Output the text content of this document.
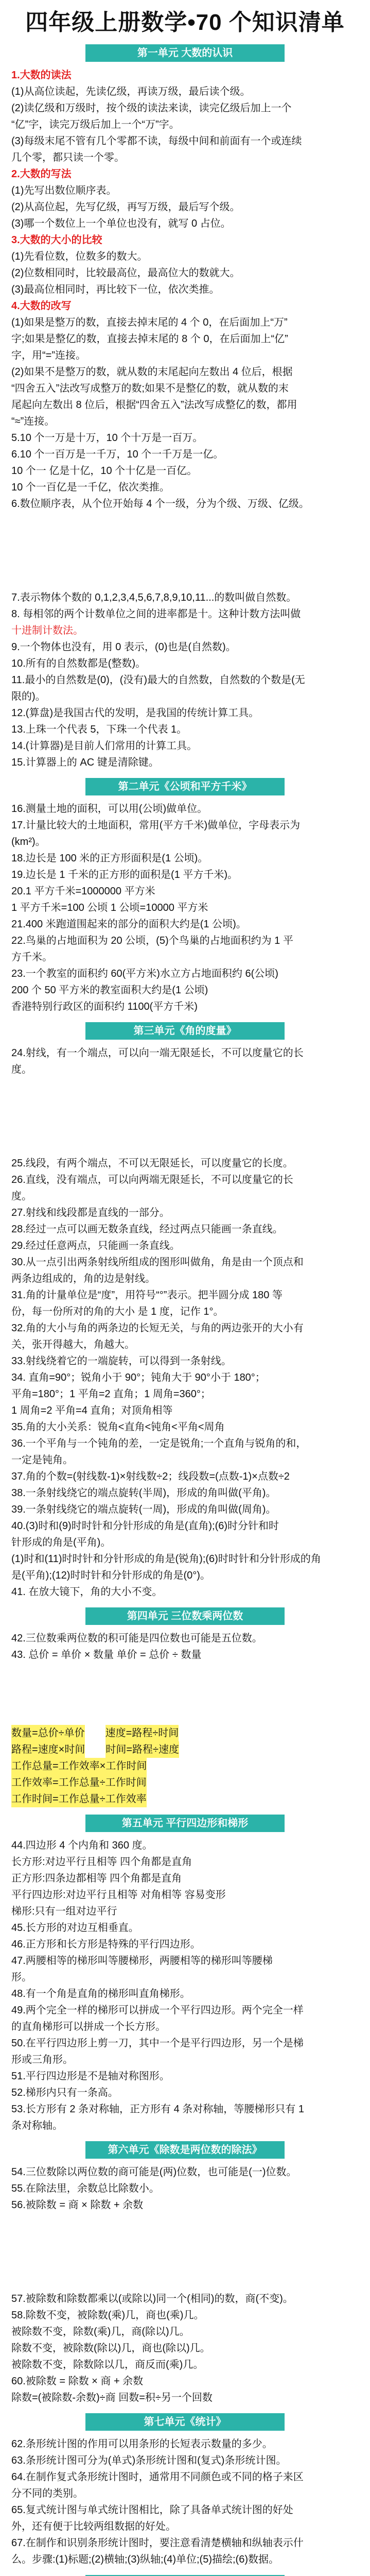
四年级上册数学•70 个知识清单
第一单元 大数的认识

1.大数的读法

(1)从高位读起，先读亿级，再读万级，最后读个级。

(2)读亿级和万级时，按个级的读法来读，读完亿级后加上一个

“亿”字，读完万级后加上一个“万”字。

(3)每级末尾不管有几个零都不读，每级中间和前面有一个或连续

几个零，都只读一个零。

2.大数的写法

(1)先写出数位顺序表。

(2)从高位起，先写亿级，再写万级，最后写个级。

(3)哪一个数位上一个单位也没有，就写 0 占位。

3.大数的大小的比较

(1)先看位数，位数多的数大。

(2)位数相同时，比较最高位，最高位大的数就大。

(3)最高位相同时，再比较下一位，依次类推。

4.大数的改写

(1)如果是整万的数，直接去掉末尾的 4 个 0，在后面加上“万”

字;如果是整亿的数，直接去掉末尾的 8 个 0，在后面加上“亿”

字，用“=”连接。

(2)如果不是整万的数，就从数的末尾起向左数出 4 位后，根据

“四舍五入”法改写成整万的数;如果不是整亿的数，就从数的末

尾起向左数出 8 位后，根据“四舍五入”法改写成整亿的数，都用

“≈”连接。

5.10 个一万是十万，10 个十万是一百万。

6.10 个一百万是一千万，10 个一千万是一亿。

10 个一 亿是十亿，10 个十亿是一百亿。

10 个一百亿是一千亿，依次类推。

6.数位顺序表，从个位开始每 4 个一级，分为个级、万级、亿级。

7.表示物体个数的 0,1,2,3,4,5,6,7,8,9,10,11...的数叫做自然数。

8. 每相邻的两个计数单位之间的进率都是十。这种计数方法叫做

十进制计数法。

9.一个物体也没有，用 0 表示，(0)也是(自然数)。

10.所有的自然数都是(整数)。

11.最小的自然数是(0)，(没有)最大的自然数，自然数的个数是(无

限的)。

12.(算盘)是我国古代的发明，是我国的传统计算工具。

13.上珠一个代表 5，下珠一个代表 1。

14.(计算器)是目前人们常用的计算工具。

15.计算器上的 AC 键是清除键。

第二单元《公顷和平方千米》

16.测量土地的面积，可以用(公顷)做单位。

17.计量比较大的土地面积，常用(平方千米)做单位，字母表示为

(km²)。

18.边长是 100 米的正方形面积是(1 公顷)。

19.边长是 1 千米的正方形的面积是(1 平方千米)。

20.1 平方千米=1000000 平方米

1 平方千米=100 公顷 1 公顷=10000 平方米

21.400 米跑道围起来的部分的面积大约是(1 公顷)。

22.鸟巢的占地面积为 20 公顷，(5)个鸟巢的占地面积约为 1 平

方千米。

23.一个教室的面积约 60(平方米)水立方占地面积约 6(公顷)

200 个 50 平方米的教室面积大约是(1 公顷)

香港特别行政区的面积约 1100(平方千米)

第三单元《角的度量》

24.射线，有一个端点，可以向一端无限延长，不可以度量它的长

度。

25.线段，有两个端点，不可以无限延长，可以度量它的长度。

26.直线，没有端点，可以向两端无限延长，不可以度量它的长

度。

27.射线和线段都是直线的一部分。

28.经过一点可以画无数条直线，经过两点只能画一条直线。

29.经过任意两点，只能画一条直线。

30.从一点引出两条射线所组成的图形叫做角，角是由一个顶点和

两条边组成的，角的边是射线。

31.角的计量单位是“度”，用符号“°”表示。把半圆分成 180 等

份，每一份所对的角的大小 是 1 度，记作 1°。

32.角的大小与角的两条边的长短无关，与角的两边张开的大小有

关，张开得越大，角越大。

33.射线绕着它的一端旋转，可以得到一条射线。

34. 直角=90°；锐角小于 90°；钝角大于 90°小于 180°；

平角=180°；1 平角=2 直角；1 周角=360°；

1 周角=2 平角=4 直角；对顶角相等

35.角的大小关系：锐角<直角<钝角<平角<周角

36.一个平角与一个钝角的差，一定是锐角;一个直角与锐角的和，

一定是钝角。

37.角的个数=(射线数-1)×射线数÷2；线段数=(点数-1)×点数÷2

38.一条射线绕它的端点旋转(半周)，形成的角叫做(平角)。

39.一条射线绕它的端点旋转(一周)，形成的角叫做(周角)。

40.(3)时和(9)时时针和分针形成的角是(直角);(6)时分针和时

针形成的角是(平角)。

(1)时和(11)时时针和分针形成的角是(锐角);(6)时时针和分针形成的角

是(平角);(12)时时针和分针形成的角是(0°)。

41. 在放大镜下，角的大小不变。

第四单元 三位数乘两位数

42.三位数乘两位数的积可能是四位数也可能是五位数。

43. 总价 = 单价 × 数量 单价 = 总价 ÷ 数量

数量=总价÷单价 速度=路程÷时间
路程=速度×时间 时间=路程÷速度
工作总量=工作效率×工作时间
工作效率=工作总量÷工作时间
工作时间=工作总量÷工作效率
第五单元 平行四边形和梯形

44.四边形 4 个内角和 360 度。

长方形:对边平行且相等 四个角都是直角

正方形:四条边都相等 四个角都是直角

平行四边形:对边平行且相等 对角相等 容易变形

梯形:只有一组对边平行

45.长方形的对边互相垂直。

46.正方形和长方形是特殊的平行四边形。

47.两腰相等的梯形叫等腰梯形，两腰相等的梯形叫等腰梯

形。

48.有一个角是直角的梯形叫直角梯形。

49.两个完全一样的梯形可以拼成一个平行四边形。两个完全一样

的直角梯形可以拼成一个长方形。

50.在平行四边形上剪一刀，其中一个是平行四边形，另一个是梯

形或三角形。

51.平行四边形是不是轴对称图形。

52.梯形内只有一条高。

53.长方形有 2 条对称轴，正方形有 4 条对称轴，等腰梯形只有 1

条对称轴。

第六单元《除数是两位数的除法》

54.三位数除以两位数的商可能是(两)位数，也可能是(一)位数。

55.在除法里，余数总比除数小。

56.被除数 = 商 × 除数 + 余数

57.被除数和除数都乘以(或除以)同一个(相同)的数，商(不变)。

58.除数不变，被除数(乘)几，商也(乘)几。

被除数不变，除数(乘)几，商(除以)几。

除数不变，被除数(除以)几，商也(除以)几。

被除数不变，除数除以几，商反而(乘)几。

60.被除数 = 除数 × 商 + 余数

除数=(被除数-余数)÷商 回数=积÷另一个回数

第七单元《统计》

62.条形统计图的作用可以用条形的长短表示数量的多少。

63.条形统计图可分为(单式)条形统计图和(复式)条形统计图。

64.在制作复式条形统计图时，通常用不同颜色或不同的格子来区

分不同的类别。

65.复式统计图与单式统计图相比，除了具备单式统计图的好处

外，还有便于比较两组数据的好处。

67.在制作和识别条形统计图时，要注意看清楚横轴和纵轴表示什

么。步骤:(1)标题;(2)横轴;(3)纵轴;(4)单位;(5)描绘;(6)数据。
